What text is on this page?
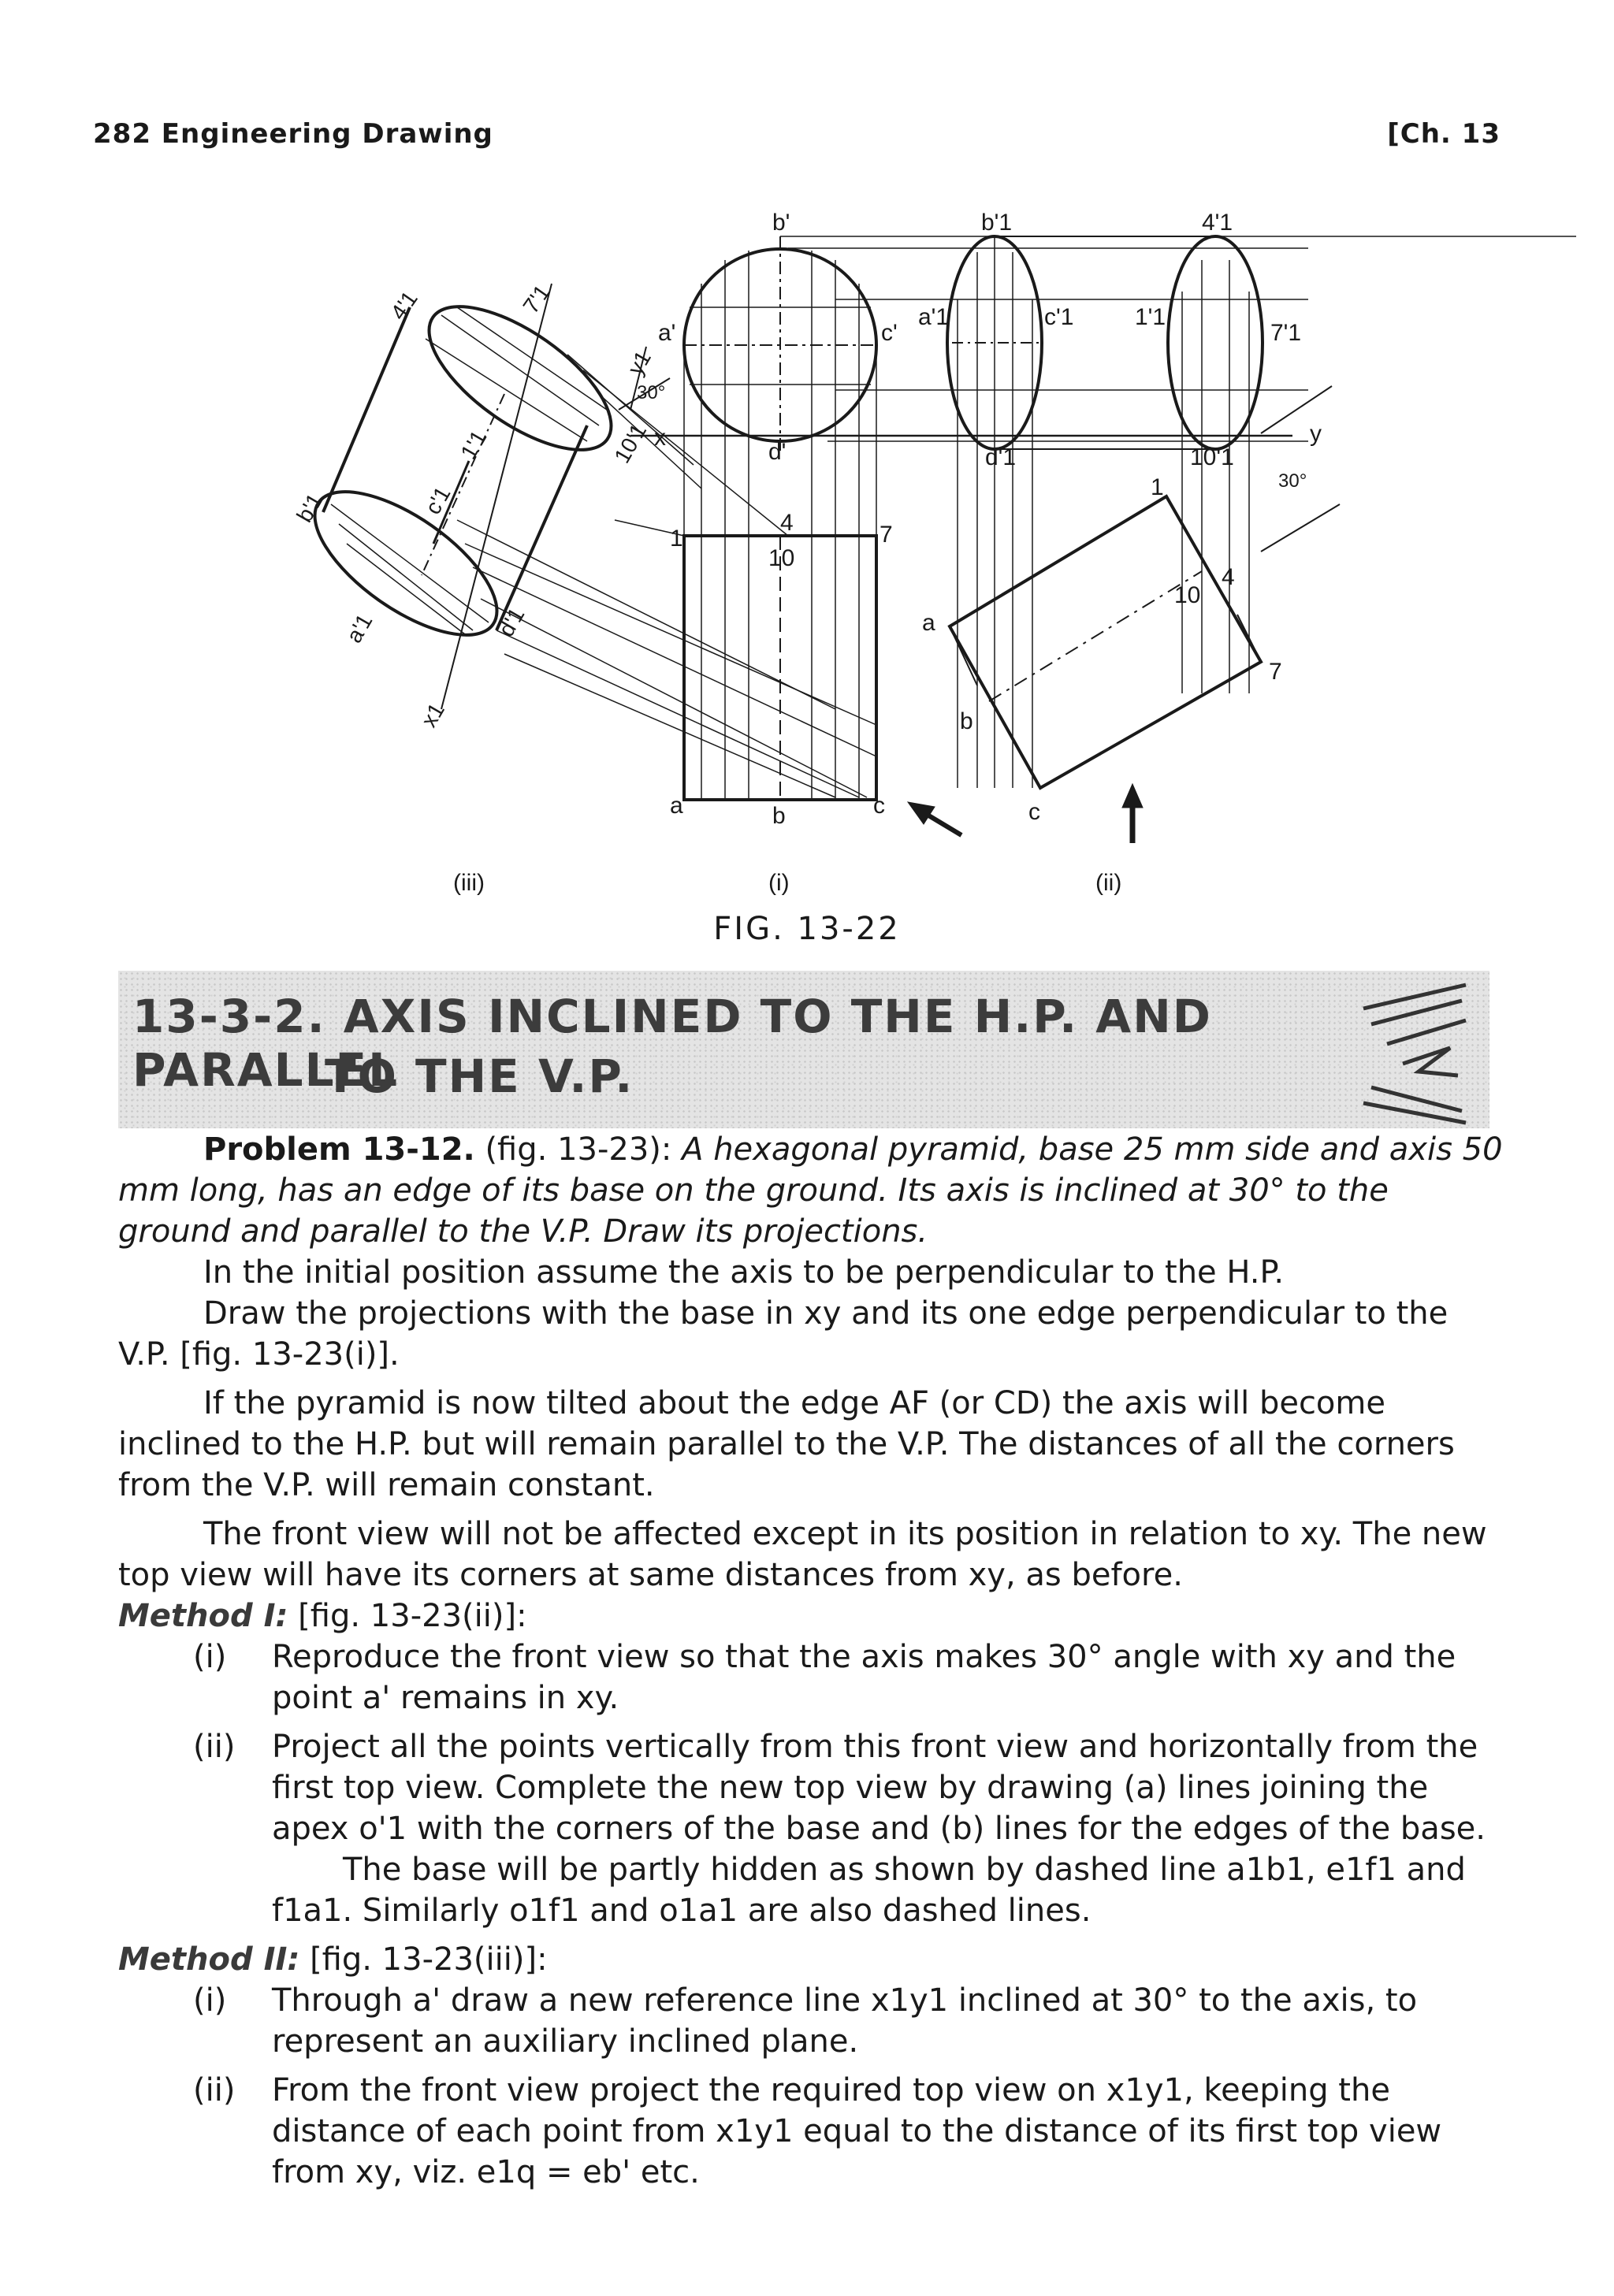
282 Engineering Drawing	[Ch. 13
b'
a'	c'
d'
x
30°
4
10
1	7
a	b	c
b'1
a'1	c'1
d'1
4'1
1'1
7'1
10'1
y
30°
1
10
4
7
a
b
c
4'1	7'1
1'1
b'1	c'1
a'1	d'1
x1
y1
10'1
(iii)	(i)	(ii)
FIG. 13-22
13-3-2. AXIS INCLINED TO THE H.P. AND PARALLEL
TO THE V.P.

Problem 13-12. (fig. 13-23): A hexagonal pyramid, base 25 mm side and axis 50 mm long, has an edge of its base on the ground. Its axis is inclined at 30° to the ground and parallel to the V.P. Draw its projections.

In the initial position assume the axis to be perpendicular to the H.P.

Draw the projections with the base in xy and its one edge perpendicular to the V.P. [fig. 13-23(i)].

If the pyramid is now tilted about the edge AF (or CD) the axis will become inclined to the H.P. but will remain parallel to the V.P. The distances of all the corners from the V.P. will remain constant.

The front view will not be affected except in its position in relation to xy. The new top view will have its corners at same distances from xy, as before.

Method I: [fig. 13-23(ii)]:

(i) Reproduce the front view so that the axis makes 30° angle with xy and the point a' remains in xy.
(ii) Project all the points vertically from this front view and horizontally from the first top view. Complete the new top view by drawing (a) lines joining the apex o'1 with the corners of the base and (b) lines for the edges of the base.
The base will be partly hidden as shown by dashed line a1b1, e1f1 and f1a1. Similarly o1f1 and o1a1 are also dashed lines.

Method II: [fig. 13-23(iii)]:

(i) Through a' draw a new reference line x1y1 inclined at 30° to the axis, to represent an auxiliary inclined plane.
(ii) From the front view project the required top view on x1y1, keeping the distance of each point from x1y1 equal to the distance of its first top view from xy, viz. e1q = eb' etc.
